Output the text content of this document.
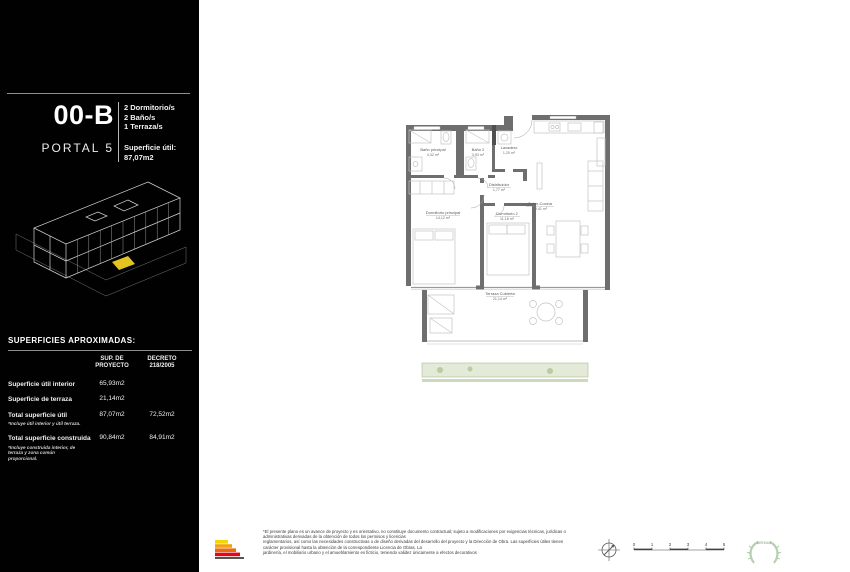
00-B
PORTAL 5
2 Dormitorio/s
2 Baño/s
1 Terraza/s
Superficie útil:
87,07m2
SUPERFICIES APROXIMADAS:
SUP. DE PROYECTO
DECRETO 218/2005
Superficie útil interior	65,93m2
Superficie de terraza	21,14m2
Total superficie útil	87,07m2	72,52m2
*Incluye útil interior y útil terraza.
Total superficie construida	90,84m2	84,91m2
*Incluye construida interior, de terraza y zona común proporcional.
Baño principal
4,32 m²
Baño 2
3,93 m²
Lavadero
1,20 m²
Distribuidor
1,77 m²
Dormitorio principal
14,12 m²
Dormitorio 2
11,18 m²
Salón-Cocina
29,41 m²
Terraza Cubierta
21,14 m²
*El presente plano es un avance de proyecto y es orientativo, no constituye documento contractual; sujeto a modificaciones por exigencias técnicas, jurídicas o
administrativas derivadas de la obtención de todos los permisos y licencias
reglamentarios, así como las necesidades constructivas o de diseño derivadas del desarrollo del proyecto y la Dirección de Obra. Las superficies útiles tienen
carácter provisional hasta la obtención de la correspondiente Licencia de Obras. La
jardinería, el mobiliario urbano y el amueblamiento es ficticio, teniendo validez únicamente a efectos decorativos
0	1	2	3	4	5	BREEAM
